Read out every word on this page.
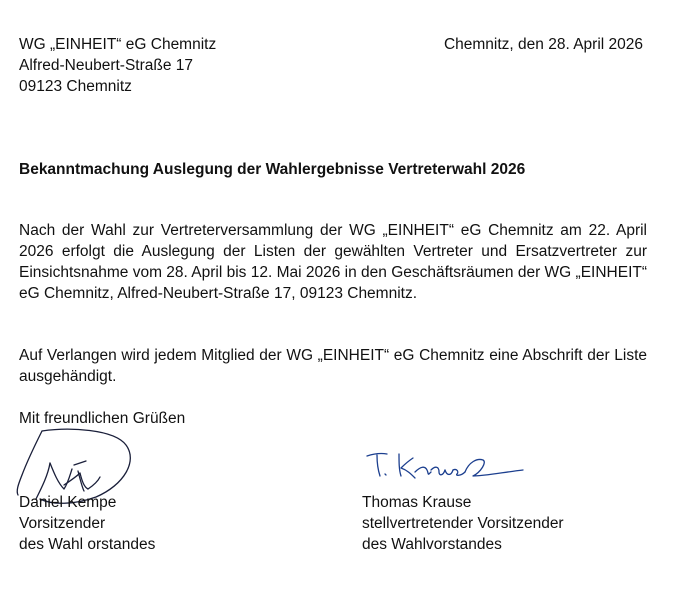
WG „EINHEIT“ eG Chemnitz
Alfred-Neubert-Straße 17
09123 Chemnitz
Chemnitz, den 28. April 2026
Bekanntmachung Auslegung der Wahlergebnisse Vertreterwahl 2026
Nach der Wahl zur Vertreterversammlung der WG „EINHEIT“ eG Chemnitz am 22. April 2026 erfolgt die Auslegung der Listen der gewählten Vertreter und Ersatzvertreter zur Einsichtsnahme vom 28. April bis 12. Mai 2026 in den Geschäftsräumen der WG „EINHEIT“ eG Chemnitz, Alfred-Neubert-Straße 17, 09123 Chemnitz.
Auf Verlangen wird jedem Mitglied der WG „EINHEIT“ eG Chemnitz eine Abschrift der Liste ausgehändigt.
Mit freundlichen Grüßen
Daniel Kempe
Vorsitzender
des Wahl orstandes
Thomas Krause
stellvertretender Vorsitzender
des Wahlvorstandes
